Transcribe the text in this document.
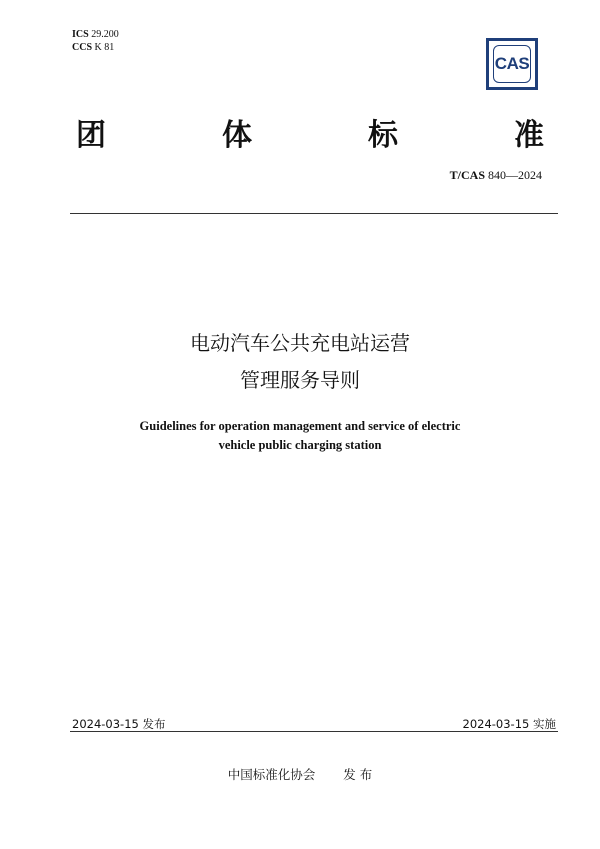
ICS 29.200
CCS K 81
CAS
团	体	标	准
T/CAS 840—2024
电动汽车公共充电站运营
管理服务导则
Guidelines for operation management and service of electric
vehicle public charging station
2024-03-15 发布	2024-03-15 实施
中国标准化协会 发 布
